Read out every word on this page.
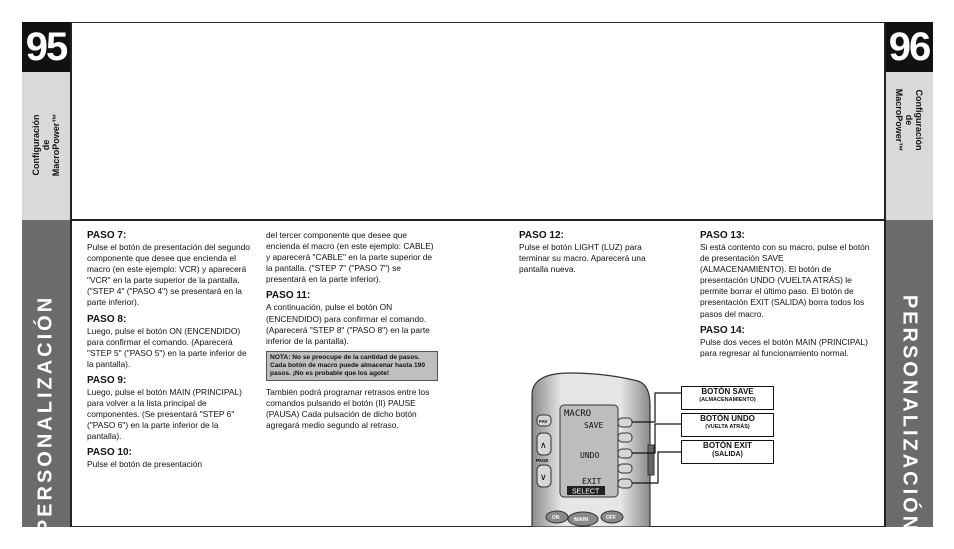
95
Configuración de MacroPower™
PERSONALIZACIÓN
96
Configuración de MacroPower™
PERSONALIZACIÓN
PASO 7:

Pulse el botón de presentación del segundo componente que desee que encienda el macro (en este ejemplo: VCR) y aparecerá "VCR" en la parte superior de la pantalla. ("STEP 4" ("PASO 4") se presentará en la parte inferior).

PASO 8:

Luego, pulse el botón ON (ENCENDIDO) para confirmar el comando. (Aparecerá "STEP 5" ("PASO 5") en la parte inferior de la pantalla).

PASO 9:

Luego, pulse el botón MAIN (PRINCIPAL) para volver a la lista principal de componentes. (Se presentará "STEP 6" ("PASO 6") en la parte inferior de la pantalla).

PASO 10:

Pulse el botón de presentación

del tercer componente que desee que encienda el macro (en este ejemplo: CABLE) y aparecerá "CABLE" en la parte superior de la pantalla. ("STEP 7" ("PASO 7") se presentará en la parte inferior).

PASO 11:

A continuación, pulse el botón ON (ENCENDIDO) para confirmar el comando. (Aparecerá "STEP 8" ("PASO 8") en la parte inferior de la pantalla).

NOTA: No se preocupe de la cantidad de pasos. Cada botón de macro puede almacenar hasta 190 pasos. ¡No es probable que los agote!

También podrá programar retrasos entre los comandos pulsando el botón (II) PAUSE (PAUSA) Cada pulsación de dicho botón agregará medio segundo al retraso.

PASO 12:

Pulse el botón LIGHT (LUZ) para terminar su macro. Aparecerá una pantalla nueva.

PASO 13:

Si está contento con su macro, pulse el botón de presentación SAVE (ALMACENAMIENTO). El botón de presentación UNDO (VUELTA ATRÁS) le permite borrar el último paso. El botón de presentación EXIT (SALIDA) borra todos los pasos del macro.

PASO 14:

Pulse dos veces el botón MAIN (PRINCIPAL) para regresar al funcionamiento normal.

MACRO
SAVE
UNDO
EXIT
SELECT
FAV
∧
PAGE
∨
ON	MAIN	OFF
BOTÓN SAVE
(ALMACENAMIENTO)
BOTÓN UNDO
(VUELTA ATRÁS)
BOTÓN EXIT
(SALIDA)
